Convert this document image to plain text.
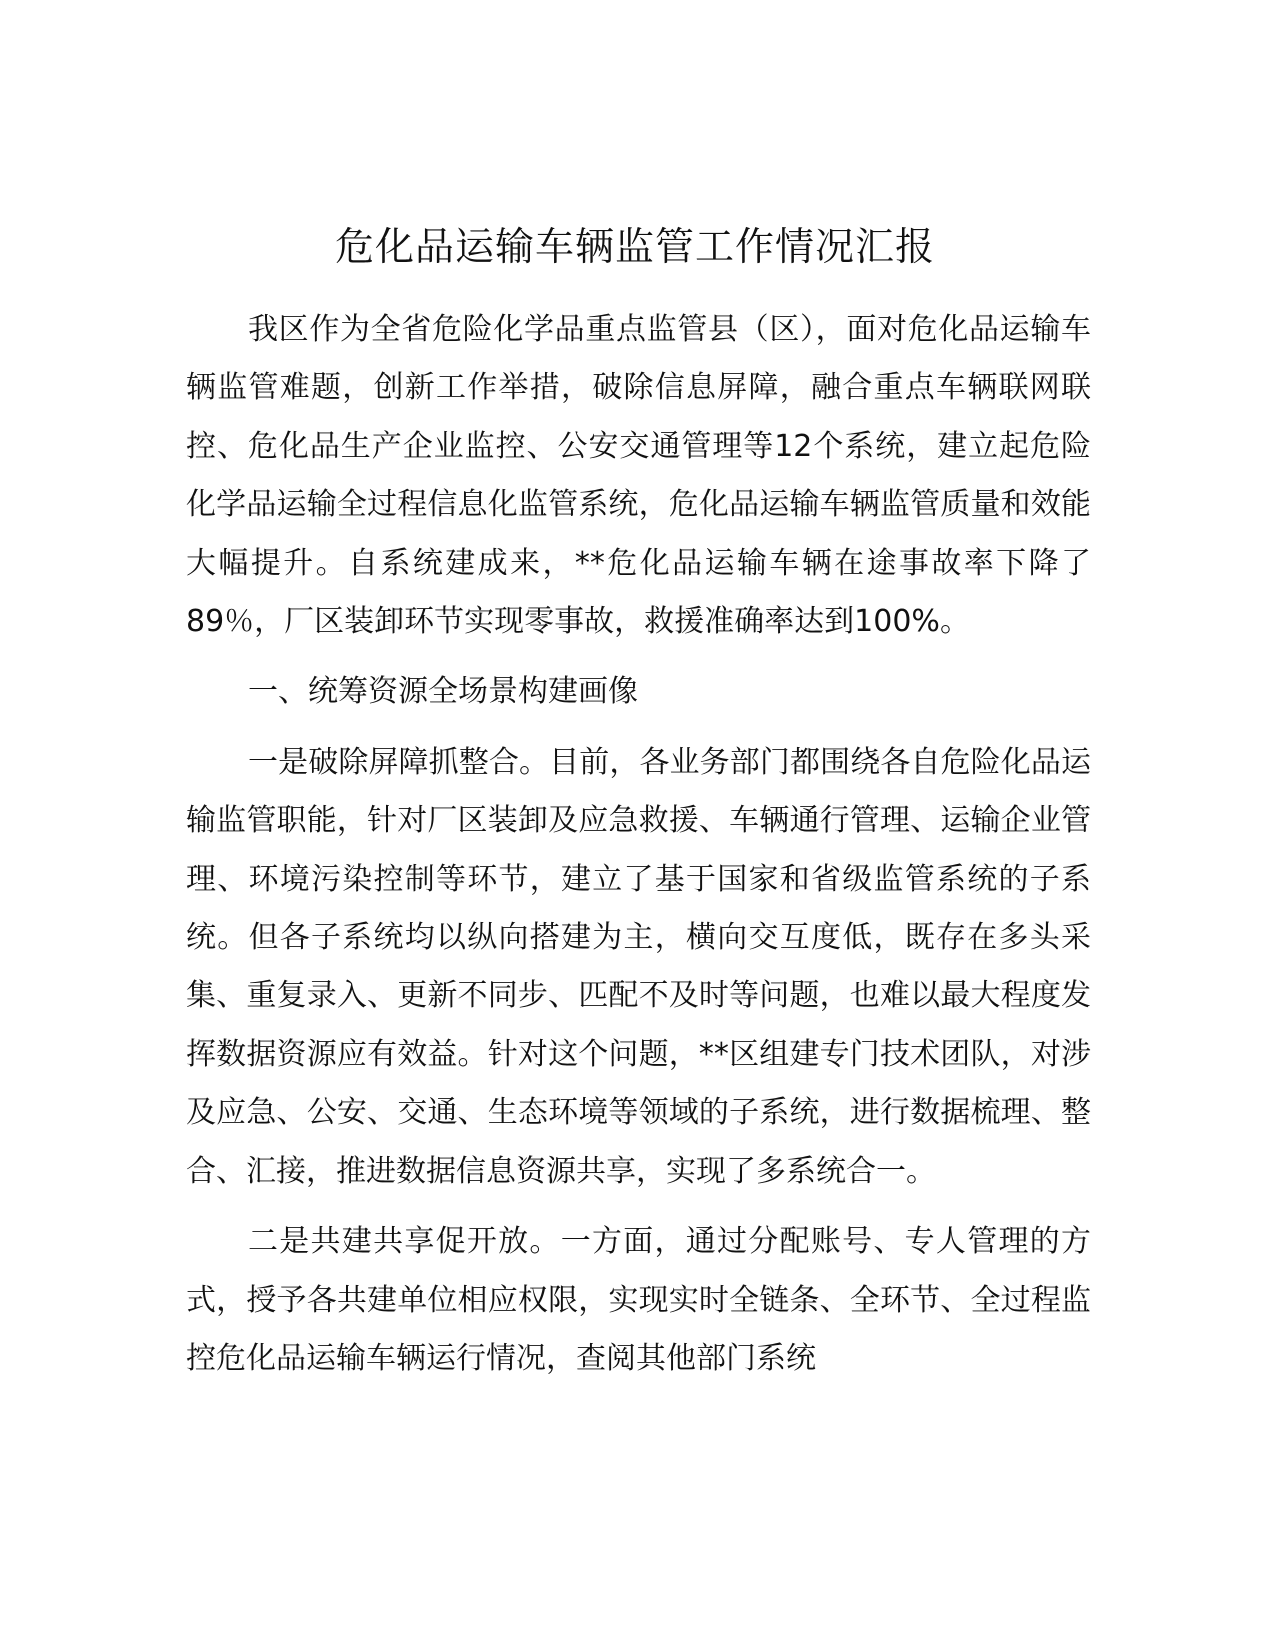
危化品运输车辆监管工作情况汇报

我区作为全省危险化学品重点监管县（区），面对危化品运输车辆监管难题，创新工作举措，破除信息屏障，融合重点车辆联网联控、危化品生产企业监控、公安交通管理等12个系统，建立起危险化学品运输全过程信息化监管系统，危化品运输车辆监管质量和效能大幅提升。自系统建成来，**危化品运输车辆在途事故率下降了89％，厂区装卸环节实现零事故，救援准确率达到100%。

一、统筹资源全场景构建画像

一是破除屏障抓整合。目前，各业务部门都围绕各自危险化品运输监管职能，针对厂区装卸及应急救援、车辆通行管理、运输企业管理、环境污染控制等环节，建立了基于国家和省级监管系统的子系统。但各子系统均以纵向搭建为主，横向交互度低，既存在多头采集、重复录入、更新不同步、匹配不及时等问题，也难以最大程度发挥数据资源应有效益。针对这个问题，**区组建专门技术团队，对涉及应急、公安、交通、生态环境等领域的子系统，进行数据梳理、整合、汇接，推进数据信息资源共享，实现了多系统合一。

二是共建共享促开放。一方面，通过分配账号、专人管理的方式，授予各共建单位相应权限，实现实时全链条、全环节、全过程监控危化品运输车辆运行情况，查阅其他部门系统
